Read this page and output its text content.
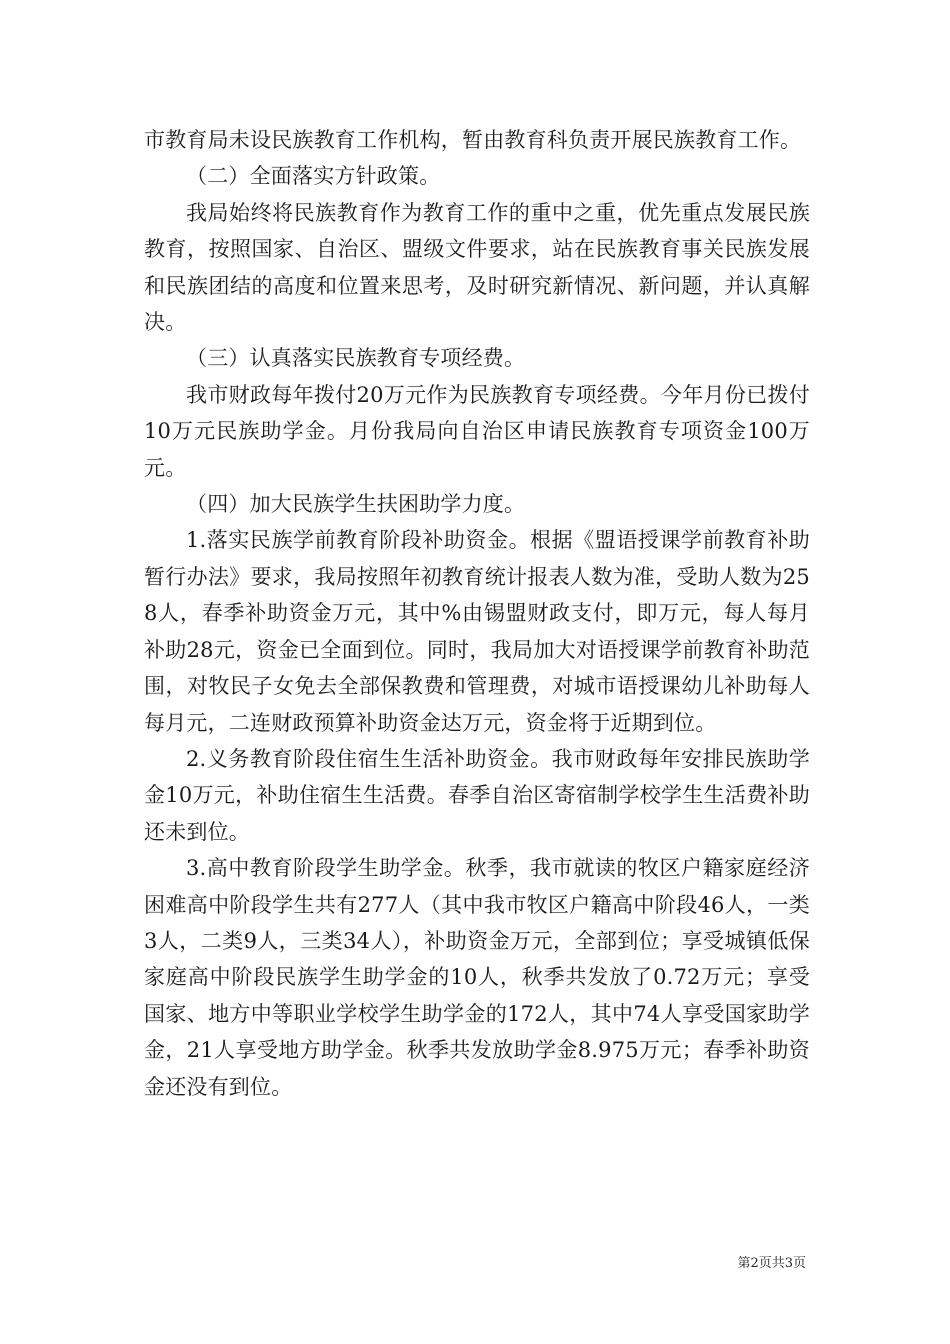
市教育局未设民族教育工作机构，暂由教育科负责开展民族教育工作。

（二）全面落实方针政策。

我局始终将民族教育作为教育工作的重中之重，优先重点发展民族教育，按照国家、自治区、盟级文件要求，站在民族教育事关民族发展和民族团结的高度和位置来思考，及时研究新情况、新问题，并认真解决。

（三）认真落实民族教育专项经费。

我市财政每年拨付20万元作为民族教育专项经费。今年月份已拨付10万元民族助学金。月份我局向自治区申请民族教育专项资金100万元。

（四）加大民族学生扶困助学力度。

1.落实民族学前教育阶段补助资金。根据《盟语授课学前教育补助暂行办法》要求，我局按照年初教育统计报表人数为准，受助人数为258人，春季补助资金万元，其中%由锡盟财政支付，即万元，每人每月补助28元，资金已全面到位。同时，我局加大对语授课学前教育补助范围，对牧民子女免去全部保教费和管理费，对城市语授课幼儿补助每人每月元，二连财政预算补助资金达万元，资金将于近期到位。

2.义务教育阶段住宿生生活补助资金。我市财政每年安排民族助学金10万元，补助住宿生生活费。春季自治区寄宿制学校学生生活费补助还未到位。

3.高中教育阶段学生助学金。秋季，我市就读的牧区户籍家庭经济困难高中阶段学生共有277人（其中我市牧区户籍高中阶段46人，一类3人，二类9人，三类34人），补助资金万元，全部到位；享受城镇低保家庭高中阶段民族学生助学金的10人，秋季共发放了0.72万元；享受国家、地方中等职业学校学生助学金的172人，其中74人享受国家助学金，21人享受地方助学金。秋季共发放助学金8.975万元；春季补助资金还没有到位。

第2页共3页
